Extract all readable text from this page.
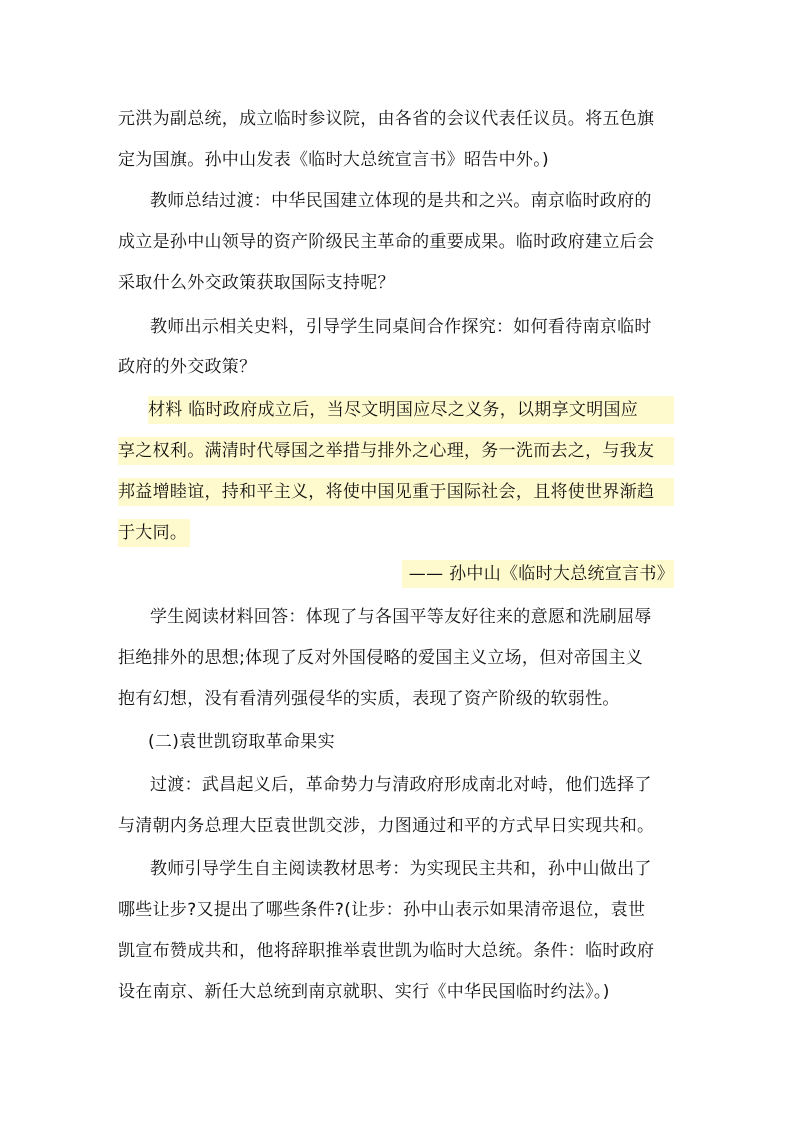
元洪为副总统，成立临时参议院，由各省的会议代表任议员。将五色旗
定为国旗。孙中山发表《临时大总统宣言书》昭告中外。)
教师总结过渡：中华民国建立体现的是共和之兴。南京临时政府的
成立是孙中山领导的资产阶级民主革命的重要成果。临时政府建立后会
采取什么外交政策获取国际支持呢？
教师出示相关史料，引导学生同桌间合作探究：如何看待南京临时
政府的外交政策？
材料 临时政府成立后，当尽文明国应尽之义务，以期享文明国应
享之权利。满清时代辱国之举措与排外之心理，务一洗而去之，与我友
邦益增睦谊，持和平主义，将使中国见重于国际社会，且将使世界渐趋
于大同。
—— 孙中山《临时大总统宣言书》
学生阅读材料回答：体现了与各国平等友好往来的意愿和洗刷屈辱
拒绝排外的思想;体现了反对外国侵略的爱国主义立场，但对帝国主义
抱有幻想，没有看清列强侵华的实质，表现了资产阶级的软弱性。
(二)袁世凯窃取革命果实
过渡：武昌起义后，革命势力与清政府形成南北对峙，他们选择了
与清朝内务总理大臣袁世凯交涉，力图通过和平的方式早日实现共和。
教师引导学生自主阅读教材思考：为实现民主共和，孙中山做出了
哪些让步?又提出了哪些条件?(让步：孙中山表示如果清帝退位，袁世
凯宣布赞成共和，他将辞职推举袁世凯为临时大总统。条件：临时政府
设在南京、新任大总统到南京就职、实行《中华民国临时约法》。)
